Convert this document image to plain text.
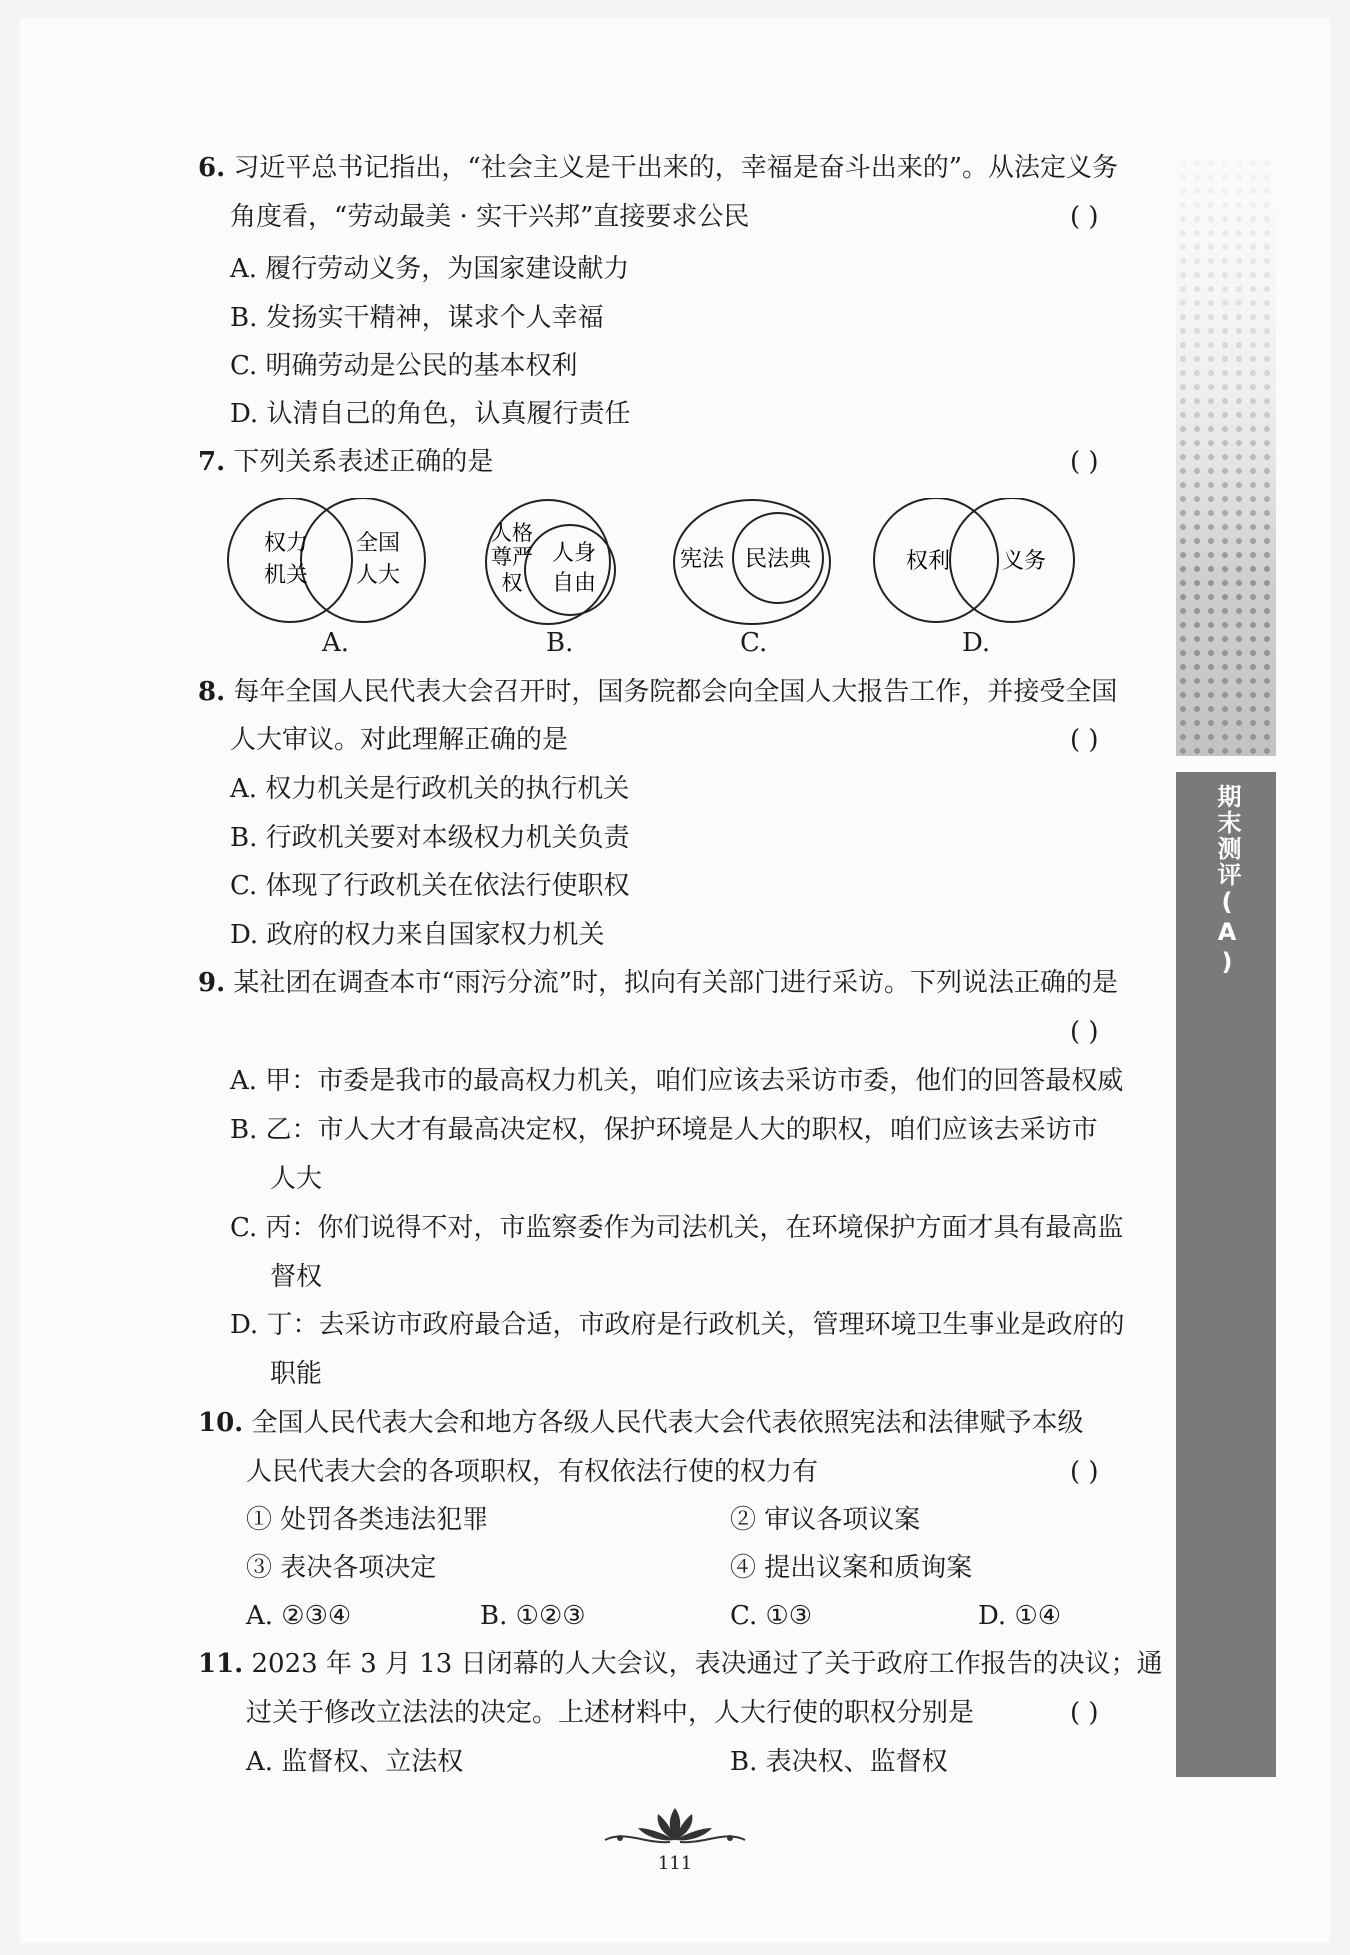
期末测评(A)
6. 习近平总书记指出，“社会主义是干出来的，幸福是奋斗出来的”。从法定义务
角度看，“劳动最美 · 实干兴邦”直接要求公民	( )
A. 履行劳动义务，为国家建设献力
B. 发扬实干精神，谋求个人幸福
C. 明确劳动是公民的基本权利
D. 认清自己的角色，认真履行责任
7. 下列关系表述正确的是	( )
权力
机关
全国
人大
人格
尊严
权
人身
自由
宪法 民法典	权利 义务
A.	B.	C.	D.
8. 每年全国人民代表大会召开时，国务院都会向全国人大报告工作，并接受全国
人大审议。对此理解正确的是	( )
A. 权力机关是行政机关的执行机关
B. 行政机关要对本级权力机关负责
C. 体现了行政机关在依法行使职权
D. 政府的权力来自国家权力机关
9. 某社团在调查本市“雨污分流”时，拟向有关部门进行采访。下列说法正确的是
( )
A. 甲：市委是我市的最高权力机关，咱们应该去采访市委，他们的回答最权威
B. 乙：市人大才有最高决定权，保护环境是人大的职权，咱们应该去采访市
人大
C. 丙：你们说得不对，市监察委作为司法机关，在环境保护方面才具有最高监
督权
D. 丁：去采访市政府最合适，市政府是行政机关，管理环境卫生事业是政府的
职能
10. 全国人民代表大会和地方各级人民代表大会代表依照宪法和法律赋予本级
人民代表大会的各项职权，有权依法行使的权力有	( )
① 处罚各类违法犯罪	② 审议各项议案
③ 表决各项决定	④ 提出议案和质询案
A. ②③④	B. ①②③	C. ①③	D. ①④
11. 2023 年 3 月 13 日闭幕的人大会议，表决通过了关于政府工作报告的决议；通
过关于修改立法法的决定。上述材料中，人大行使的职权分别是	( )
A. 监督权、立法权	B. 表决权、监督权
111
